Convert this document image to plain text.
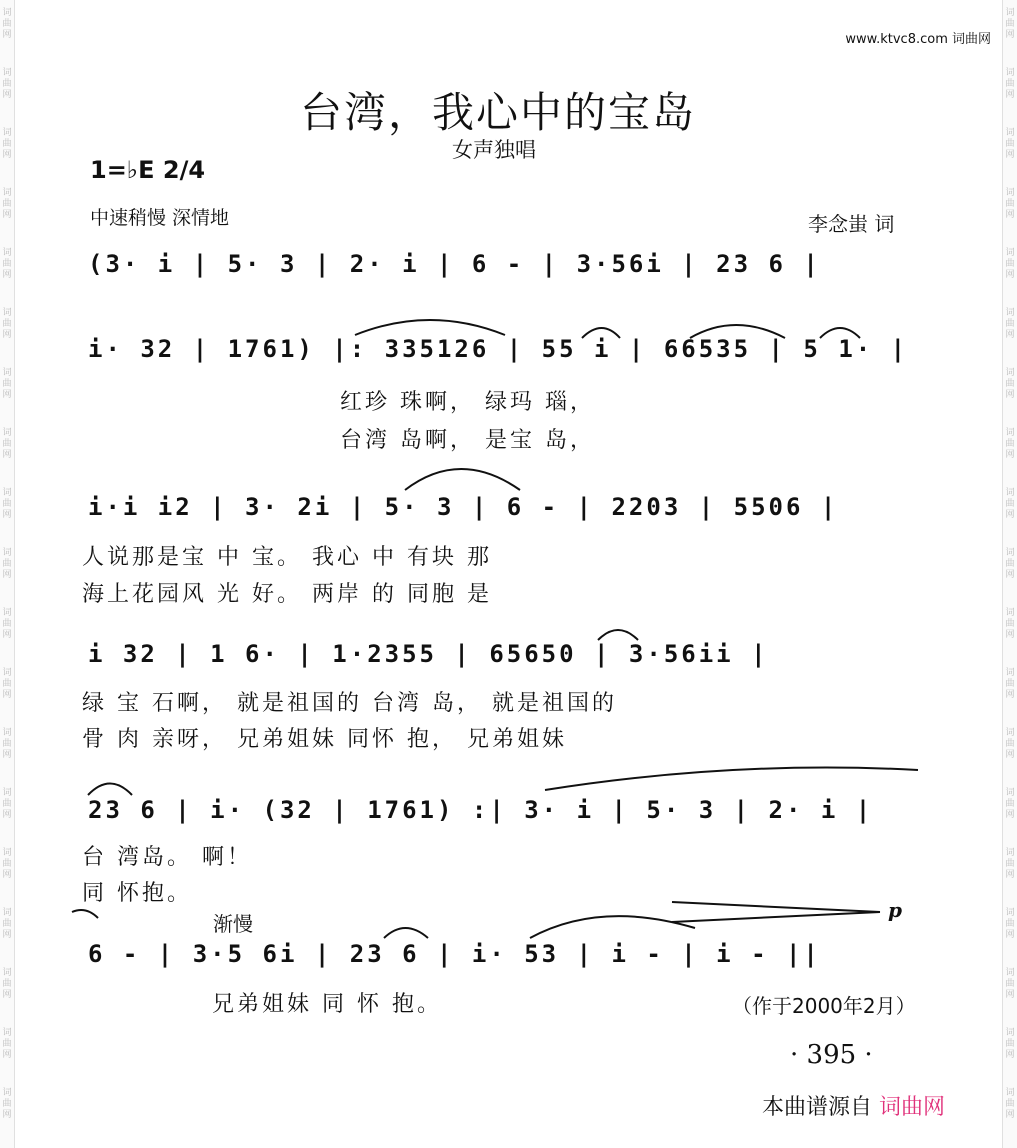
www.ktvc8.com 词曲网
台湾，我心中的宝岛
女声独唱
1=♭E 2/4
中速稍慢 深情地	李念蚩 词
(3· i | 5· 3 | 2· i | 6 - | 3·56i | 23 6 |
i· 32 | 1761) |: 335126 | 55 i | 66535 | 5 1· |
红珍 珠啊， 绿玛 瑙，
台湾 岛啊， 是宝 岛，
i·i i2 | 3· 2i | 5· 3 | 6 - | 2203 | 5506 |
人说那是宝 中 宝。 我心 中 有块 那
海上花园风 光 好。 两岸 的 同胞 是
i 32 | 1 6· | 1·2355 | 65650 | 3·56ii |
绿 宝 石啊， 就是祖国的 台湾 岛， 就是祖国的
骨 肉 亲呀， 兄弟姐妹 同怀 抱， 兄弟姐妹
23 6 | i· (32 | 1761) :| 3· i | 5· 3 | 2· i |
台 湾岛。 啊！
同 怀抱。
渐慢
p
6 - | 3·5 6i | 23 6 | i· 53 | i - | i - ||
兄弟姐妹 同 怀 抱。	（作于2000年2月）
· 395 ·
本曲谱源自 词曲网
词曲网
词曲网
词曲网
词曲网
词曲网
词曲网
词曲网
词曲网
词曲网
词曲网
词曲网
词曲网
词曲网
词曲网
词曲网
词曲网
词曲网
词曲网
词曲网
词曲网
词曲网
词曲网
词曲网
词曲网
词曲网
词曲网
词曲网
词曲网
词曲网
词曲网
词曲网
词曲网
词曲网
词曲网
词曲网
词曲网
词曲网
词曲网
